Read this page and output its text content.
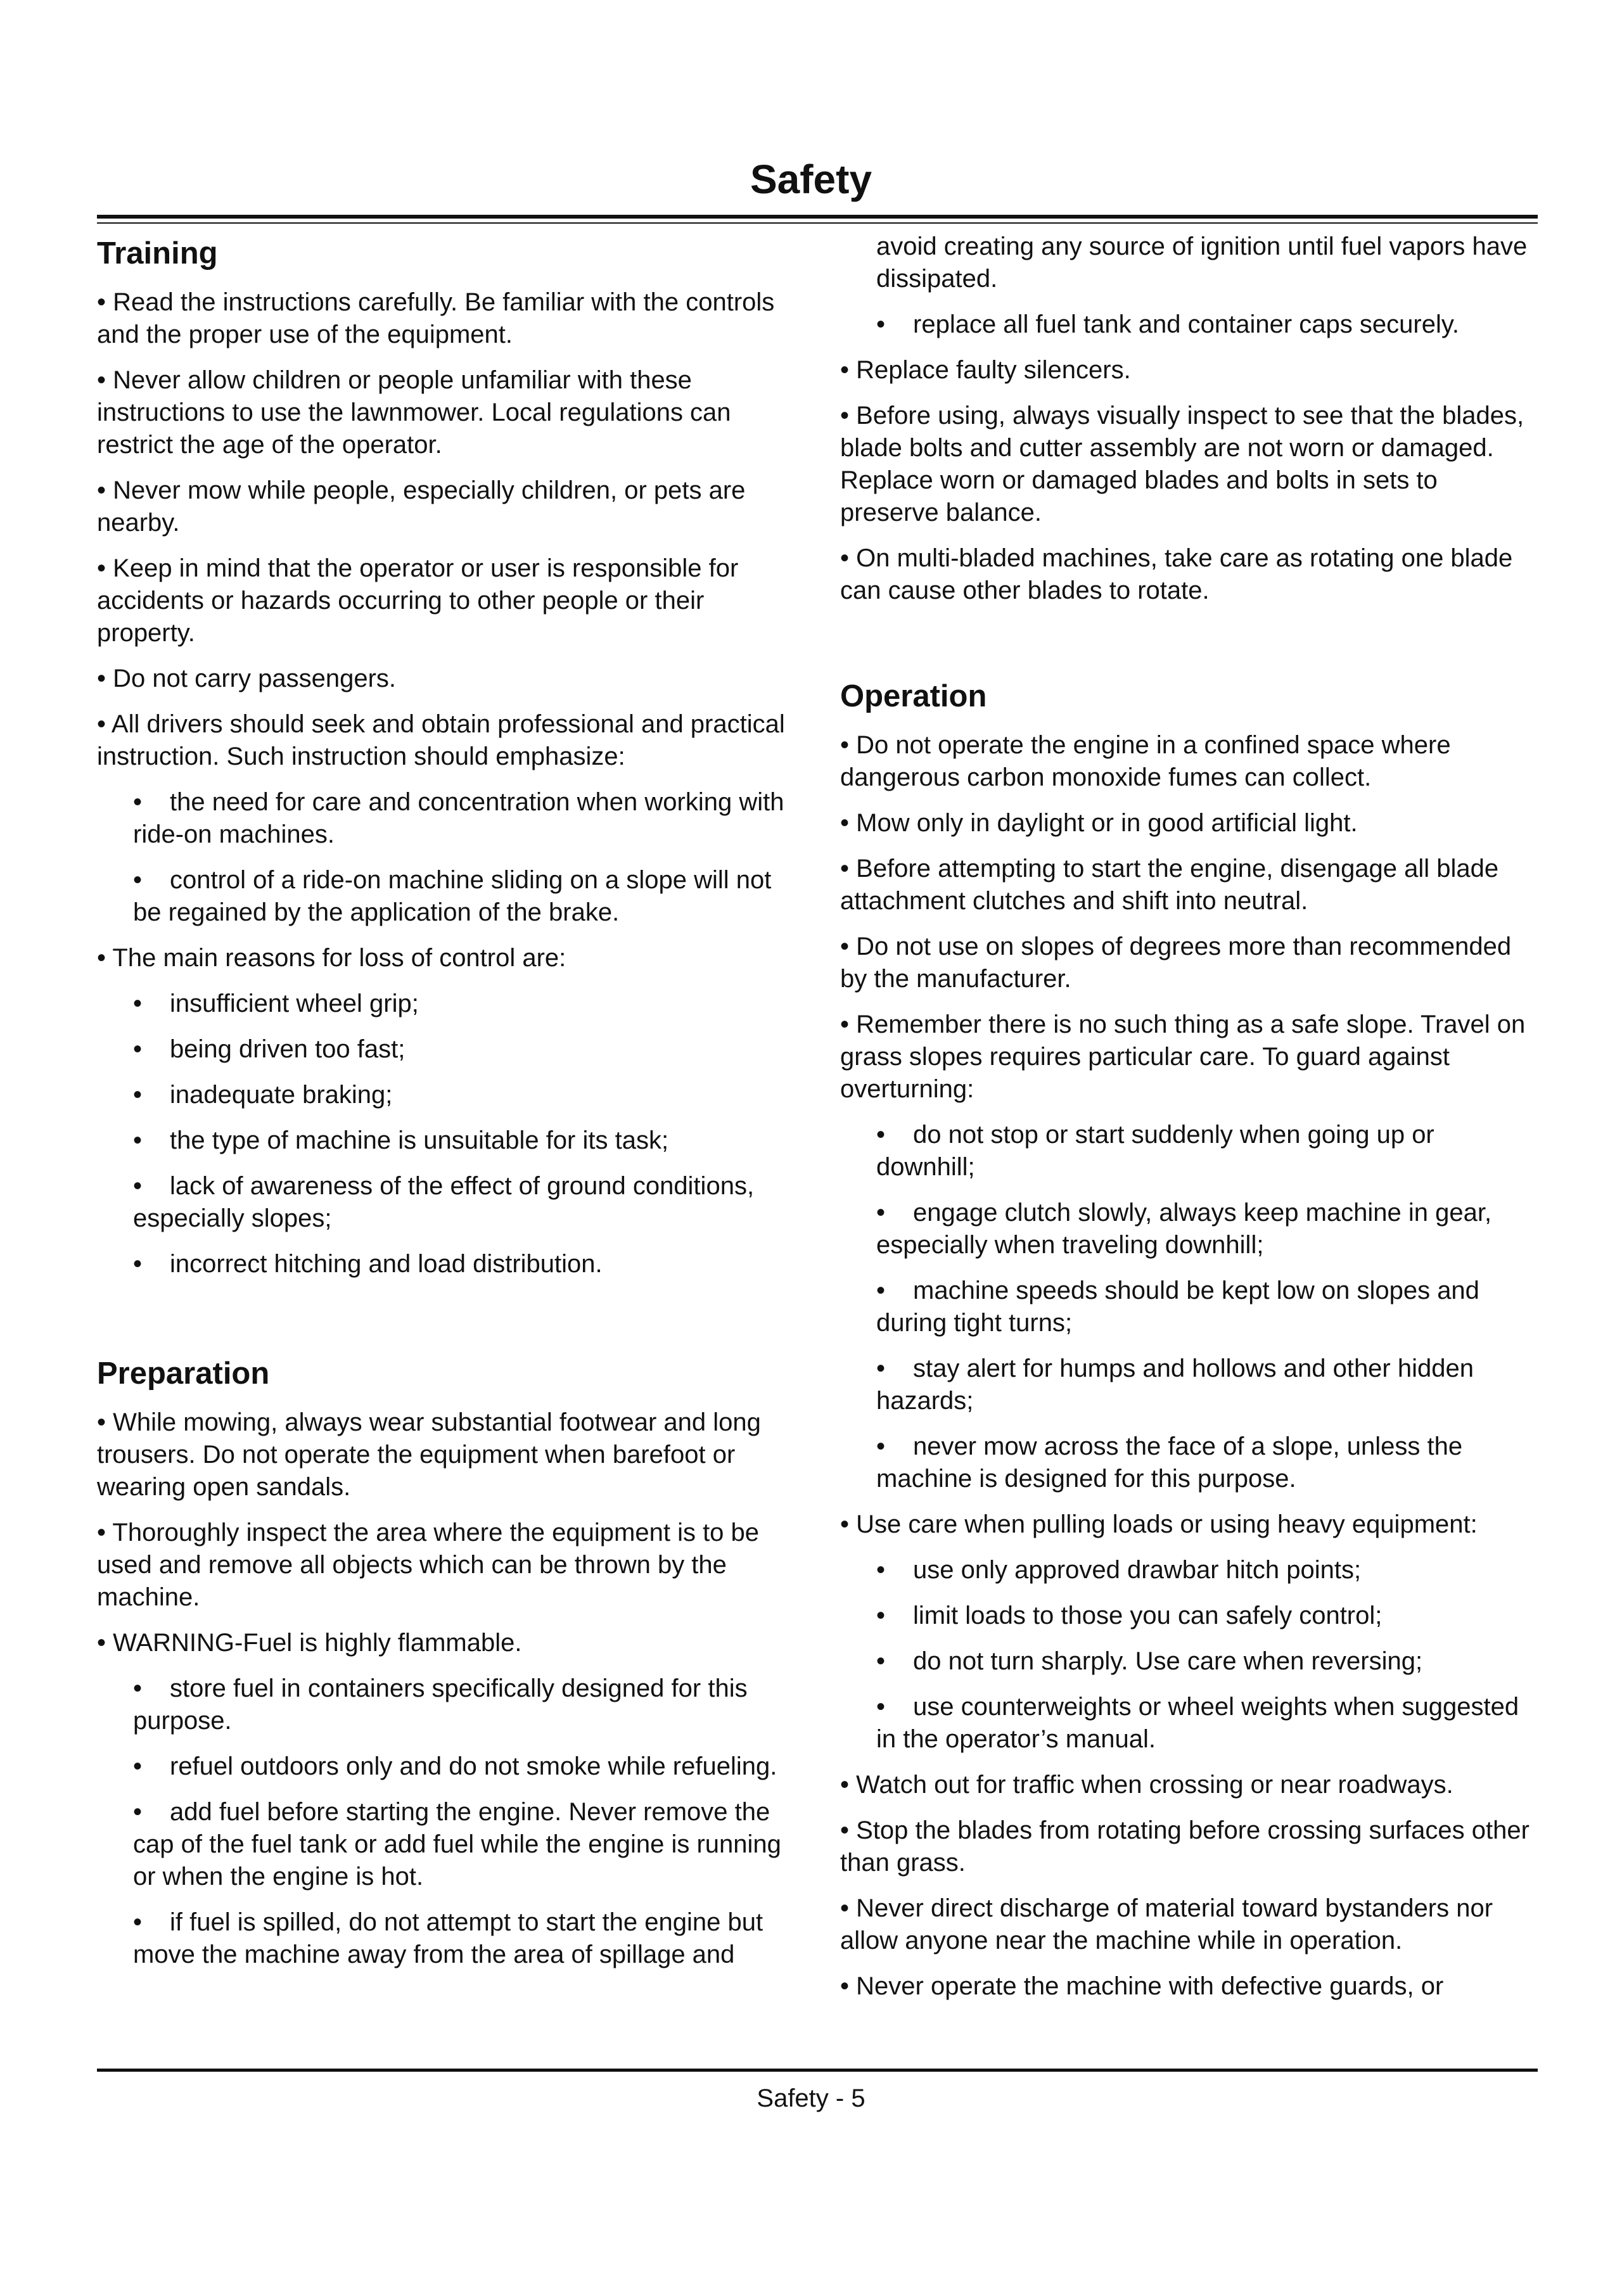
Safety
Training

• Read the instructions carefully. Be familiar with the controls and the proper use of the equipment.

• Never allow children or people unfamiliar with these instructions to use the lawnmower. Local regulations can restrict the age of the operator.

• Never mow while people, especially children, or pets are nearby.

• Keep in mind that the operator or user is responsible for accidents or hazards occurring to other people or their property.

• Do not carry passengers.

• All drivers should seek and obtain professional and practical instruction. Such instruction should emphasize:

• the need for care and concentration when working with ride-on machines.

• control of a ride-on machine sliding on a slope will not be regained by the application of the brake.

• The main reasons for loss of control are:

• insufficient wheel grip;

• being driven too fast;

• inadequate braking;

• the type of machine is unsuitable for its task;

• lack of awareness of the effect of ground conditions, especially slopes;

• incorrect hitching and load distribution.

Preparation

• While mowing, always wear substantial footwear and long trousers. Do not operate the equipment when barefoot or wearing open sandals.

• Thoroughly inspect the area where the equipment is to be used and remove all objects which can be thrown by the machine.

• WARNING-Fuel is highly flammable.

• store fuel in containers specifically designed for this purpose.

• refuel outdoors only and do not smoke while refueling.

• add fuel before starting the engine. Never remove the cap of the fuel tank or add fuel while the engine is running or when the engine is hot.

• if fuel is spilled, do not attempt to start the engine but move the machine away from the area of spillage and

avoid creating any source of ignition until fuel vapors have dissipated.

• replace all fuel tank and container caps securely.

• Replace faulty silencers.

• Before using, always visually inspect to see that the blades, blade bolts and cutter assembly are not worn or damaged. Replace worn or damaged blades and bolts in sets to preserve balance.

• On multi-bladed machines, take care as rotating one blade can cause other blades to rotate.

Operation

• Do not operate the engine in a confined space where dangerous carbon monoxide fumes can collect.

• Mow only in daylight or in good artificial light.

• Before attempting to start the engine, disengage all blade attachment clutches and shift into neutral.

• Do not use on slopes of degrees more than recommended by the manufacturer.

• Remember there is no such thing as a safe slope. Travel on grass slopes requires particular care. To guard against overturning:

• do not stop or start suddenly when going up or downhill;

• engage clutch slowly, always keep machine in gear, especially when traveling downhill;

• machine speeds should be kept low on slopes and during tight turns;

• stay alert for humps and hollows and other hidden hazards;

• never mow across the face of a slope, unless the machine is designed for this purpose.

• Use care when pulling loads or using heavy equipment:

• use only approved drawbar hitch points;

• limit loads to those you can safely control;

• do not turn sharply. Use care when reversing;

• use counterweights or wheel weights when suggested in the operator’s manual.

• Watch out for traffic when crossing or near roadways.

• Stop the blades from rotating before crossing surfaces other than grass.

• Never direct discharge of material toward bystanders nor allow anyone near the machine while in operation.

• Never operate the machine with defective guards, or

Safety - 5
